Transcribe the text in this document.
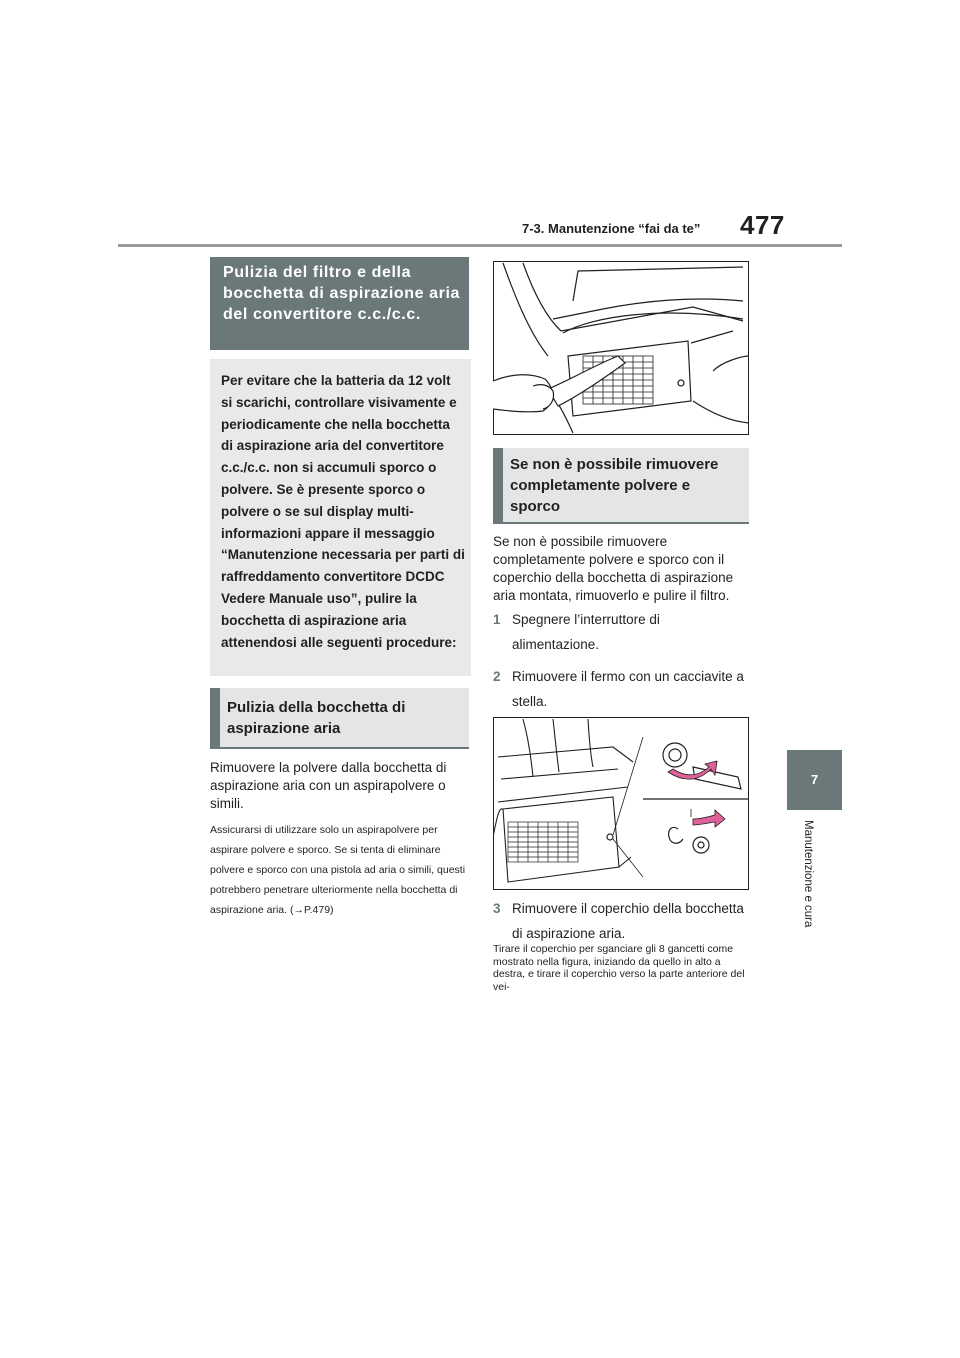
7-3. Manutenzione “fai da te” 477
7
Manutenzione e cura
Pulizia del filtro e della bocchetta di aspirazione aria del convertitore c.c./c.c.
Per evitare che la batteria da 12 volt si scarichi, controllare visivamente e periodicamente che nella bocchetta di aspirazione aria del convertitore c.c./c.c. non si accumuli sporco o polvere. Se è presente sporco o polvere o se sul display multi-informazioni appare il messaggio “Manutenzione necessaria per parti di raffreddamento convertitore DCDC Vedere Manuale uso”, pulire la bocchetta di aspirazione aria attenendosi alle seguenti procedure:
Pulizia della bocchetta di aspirazione aria
Rimuovere la polvere dalla bocchetta di aspirazione aria con un aspirapolvere o simili.
Assicurarsi di utilizzare solo un aspirapolvere per aspirare polvere e sporco. Se si tenta di eliminare polvere e sporco con una pistola ad aria o simili, questi potrebbero penetrare ulteriormente nella bocchetta di aspirazione aria. (→P.479)
Se non è possibile rimuovere completamente polvere e sporco
Se non è possibile rimuovere completamente polvere e sporco con il coperchio della bocchetta di aspirazione aria montata, rimuoverlo e pulire il filtro.
1 Spegnere l’interruttore di alimentazione.
2 Rimuovere il fermo con un cacciavite a stella.
3 Rimuovere il coperchio della bocchetta di aspirazione aria.
Tirare il coperchio per sganciare gli 8 gancetti come mostrato nella figura, iniziando da quello in alto a destra, e tirare il coperchio verso la parte anteriore del vei-
